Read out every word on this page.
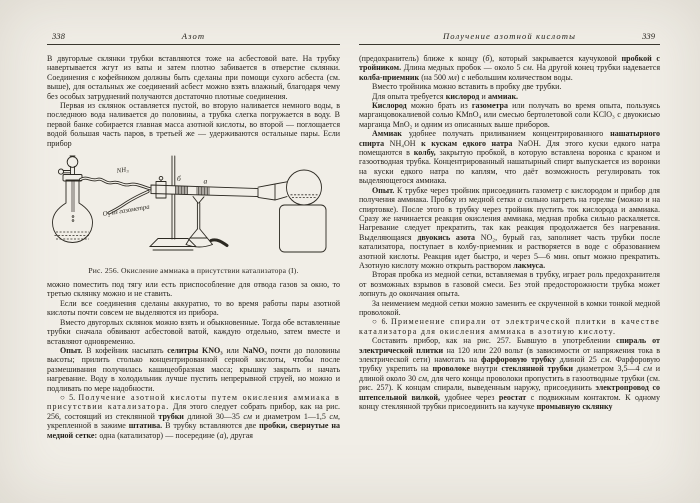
338	Азот

В двугорлые склянки трубки вставляются тоже на асбестовой вате. На трубку навертывается жгут из ваты и затем плотно забивается в отверстие склянки. Соединения с кофейником должны быть сделаны при помощи сухого асбеста (см. выше), для остальных же соединений асбест можно взять влажный, благодаря чему без особых затруднений получаются достаточно плотные соединения.

Первая из склянок оставляется пустой, во вторую наливается немного воды, в последнюю вода наливается до половины, а трубка слегка погружается в воду. В первой банке собирается главная масса азотной кислоты, во второй — поглощается водой большая часть паров, в третьей же — удерживаются остальные пары. Если прибор

NH₃
O₂ из газометра
б	а
Рис. 256. Окисление аммиака в присутствии катализатора (I).

можно поместить под тягу или есть приспособление для отвода газов за окно, то третью склянку можно и не ставить.

Если все соединения сделаны аккуратно, то во время работы пары азотной кислоты почти совсем не выделяются из прибора.

Вместо двугорлых склянок можно взять и обыкновенные. Тогда обе вставленные трубки сначала обвивают асбестовой ватой, каждую отдельно, затем вместе и вставляют одновременно.

Опыт. В кофейник насыпать селитры KNO₃ или NaNO₃ почти до половины высоты; прилить столько концентрированной серной кислоты, чтобы после размешивания получилась кашицеобразная масса; крышку закрыть и начать нагревание. Воду в холодильник лучше пустить непрерывной струей, но можно и подливать по мере надобности.

○ 5. Получение азотной кислоты путем окисления аммиака в присутствии катализатора. Для этого следует собрать прибор, как на рис. 256, состоящий из стеклянной трубки длиной 30—35 см и диаметром 1—1,5 см, укрепленной в зажиме штатива. В трубку вставляются две пробки, свернутые на медной сетке: одна (катализатор) — посередине (а), другая

Получение азотной кислоты	339

(предохранитель) ближе к концу (б), который закрывается каучуковой пробкой с тройником. Длина медных пробок — около 5 см. На другой конец трубки надевается колба-приемник (на 500 мл) с небольшим количеством воды.

Вместо тройника можно вставить в пробку две трубки.

Для опыта требуется кислород и аммиак.

Кислород можно брать из газометра или получать во время опыта, пользуясь марганцовокалиевой солью KMnO₄ или смесью бертолетовой соли KClO₃ с двуокисью марганца MnO₂ и одним из описанных выше приборов.

Аммиак удобнее получать приливанием концентрированного нашатырного спирта NH₄OH к кускам едкого натра NaOH. Для этого куски едкого натра помещаются в колбу, закрытую пробкой, в которую вставлена воронка с краном и газоотводная трубка. Концентрированный нашатырный спирт выпускается из воронки на куски едкого натра по каплям, что даёт возможность регулировать ток выделяющегося аммиака.

Опыт. К трубке через тройник присоединить газометр с кислородом и прибор для получения аммиака. Пробку из медной сетки а сильно нагреть на горелке (можно и на спиртовке). После этого в трубку через тройник пустить ток кислорода и аммиака. Сразу же начинается реакция окисления аммиака, медная пробка сильно раскаляется. Нагревание следует прекратить, так как реакция продолжается без нагревания. Выделяющаяся двуокись азота NO₂, бурый газ, заполняет часть трубки после катализатора, поступает в колбу-приемник и растворяется в воде с образованием азотной кислоты. Реакция идет быстро, и через 5—6 мин. опыт можно прекратить. Азотную кислоту можно открыть раствором лакмуса.

Вторая пробка из медной сетки, вставляемая в трубку, играет роль предохранителя от возможных взрывов в газовой смеси. Без этой предосторожности трубка может лопнуть до окончания опыта.

За неимением медной сетки можно заменить ее скрученной в комки тонкой медной проволокой.

○ 6. Применение спирали от электрической плитки в качестве катализатора для окисления аммиака в азотную кислоту.

Составить прибор, как на рис. 257. Бывшую в употреблении спираль от электрической плитки на 120 или 220 вольт (в зависимости от напряжения тока в электрической сети) намотать на фарфоровую трубку длиной 25 см. Фарфоровую трубку укрепить на проволоке внутри стеклянной трубки диаметром 3,5—4 см и длиной около 30 см, для чего концы проволоки пропустить в газоотводные трубки (см. рис. 257). К концам спирали, выведенным наружу, присоединить электропровод со штепсельной вилкой, удобнее через реостат с подвижным контактом. К одному концу стеклянной трубки присоединить на каучуке промывную склянку
